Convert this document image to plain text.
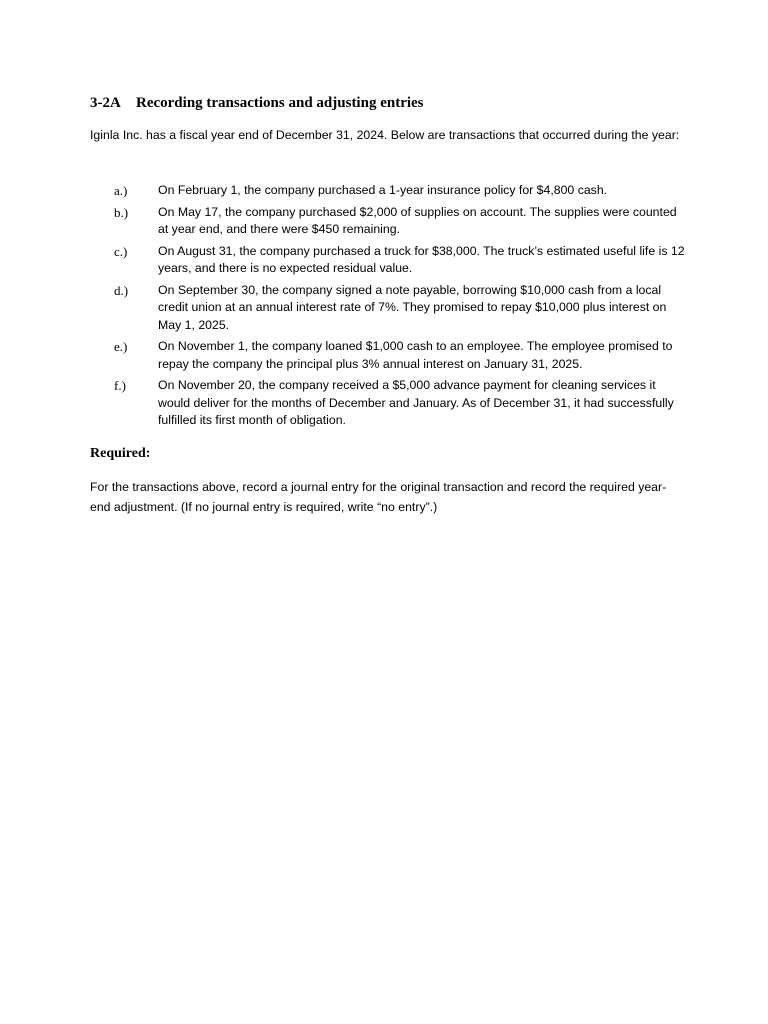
3-2A Recording transactions and adjusting entries
Iginla Inc. has a fiscal year end of December 31, 2024. Below are transactions that occurred during the year:
a.) On February 1, the company purchased a 1-year insurance policy for $4,800 cash.
b.) On May 17, the company purchased $2,000 of supplies on account. The supplies were counted at year end, and there were $450 remaining.
c.) On August 31, the company purchased a truck for $38,000. The truck’s estimated useful life is 12 years, and there is no expected residual value.
d.) On September 30, the company signed a note payable, borrowing $10,000 cash from a local credit union at an annual interest rate of 7%. They promised to repay $10,000 plus interest on May 1, 2025.
e.) On November 1, the company loaned $1,000 cash to an employee. The employee promised to repay the company the principal plus 3% annual interest on January 31, 2025.
f.)	On November 20, the company received a $5,000 advance payment for cleaning services it would deliver for the months of December and January. As of December 31, it had successfully fulfilled its first month of obligation.
Required:
For the transactions above, record a journal entry for the original transaction and record the required year-end adjustment. (If no journal entry is required, write “no entry”.)
